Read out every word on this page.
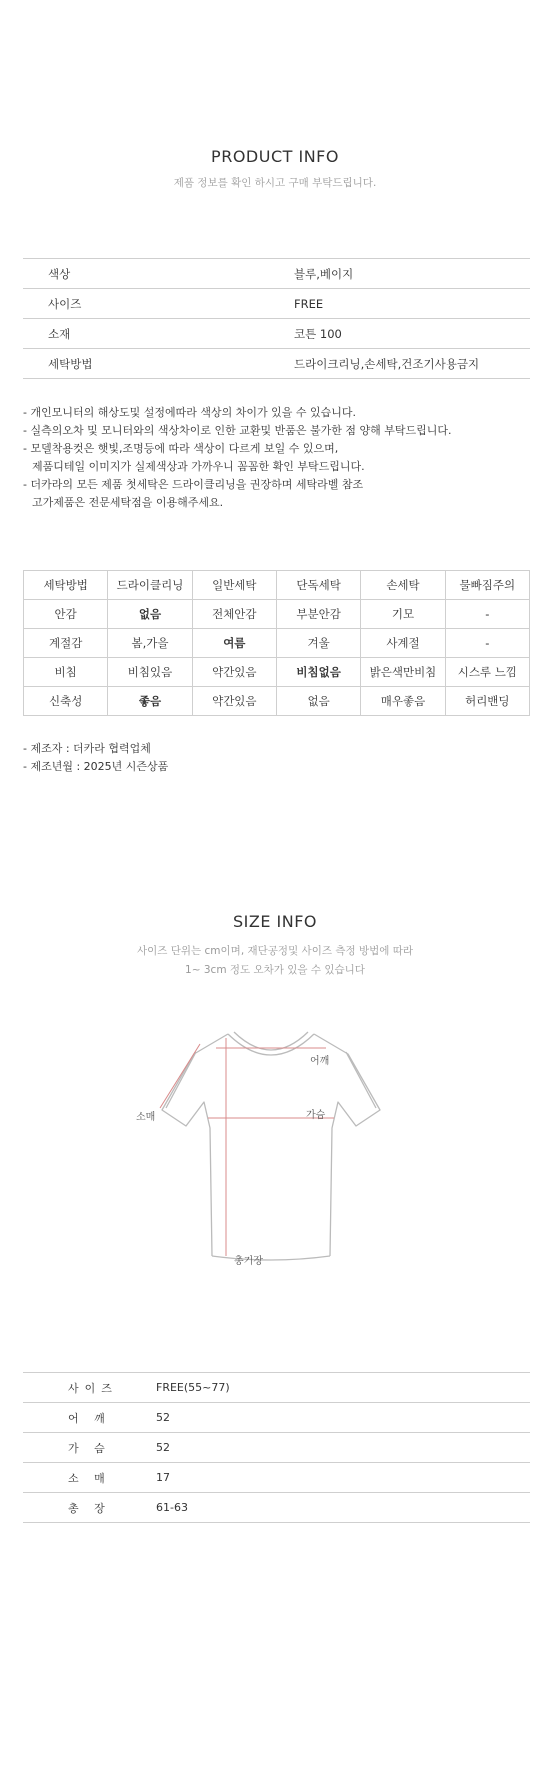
PRODUCT INFO
제품 정보를 확인 하시고 구매 부탁드립니다.
색상	블루,베이지
사이즈	FREE
소재	코튼 100
세탁방법	드라이크리닝,손세탁,건조기사용금지
- 개인모니터의 해상도및 설정에따라 색상의 차이가 있을 수 있습니다.
- 실측의오차 및 모니터와의 색상차이로 인한 교환및 반품은 불가한 점 양해 부탁드립니다.
- 모델착용컷은 햇빛,조명등에 따라 색상이 다르게 보일 수 있으며,
제품디테일 이미지가 실제색상과 가까우니 꼼꼼한 확인 부탁드립니다.
- 더카라의 모든 제품 첫세탁은 드라이클리닝을 권장하며 세탁라벨 참조
고가제품은 전문세탁점을 이용해주세요.
세탁방법	드라이클리닝	일반세탁	단독세탁	손세탁	물빠짐주의
안감	없음	전체안감	부분안감	기모	-
계절감	봄,가을	여름	겨울	사계절	-
비침	비침있음	약간있음	비침없음	밝은색만비침	시스루 느낌
신축성	좋음	약간있음	없음	매우좋음	허리밴딩
- 제조자 : 더카라 협력업체
- 제조년월 : 2025년 시즌상품
SIZE INFO
사이즈 단위는 cm이며, 재단공정및 사이즈 측정 방법에 따라
1~ 3cm 정도 오차가 있을 수 있습니다
어깨
가슴
소매
총기장
사이즈	FREE(55~77)
어 깨	52
가 슴	52
소 매	17
총 장	61-63
